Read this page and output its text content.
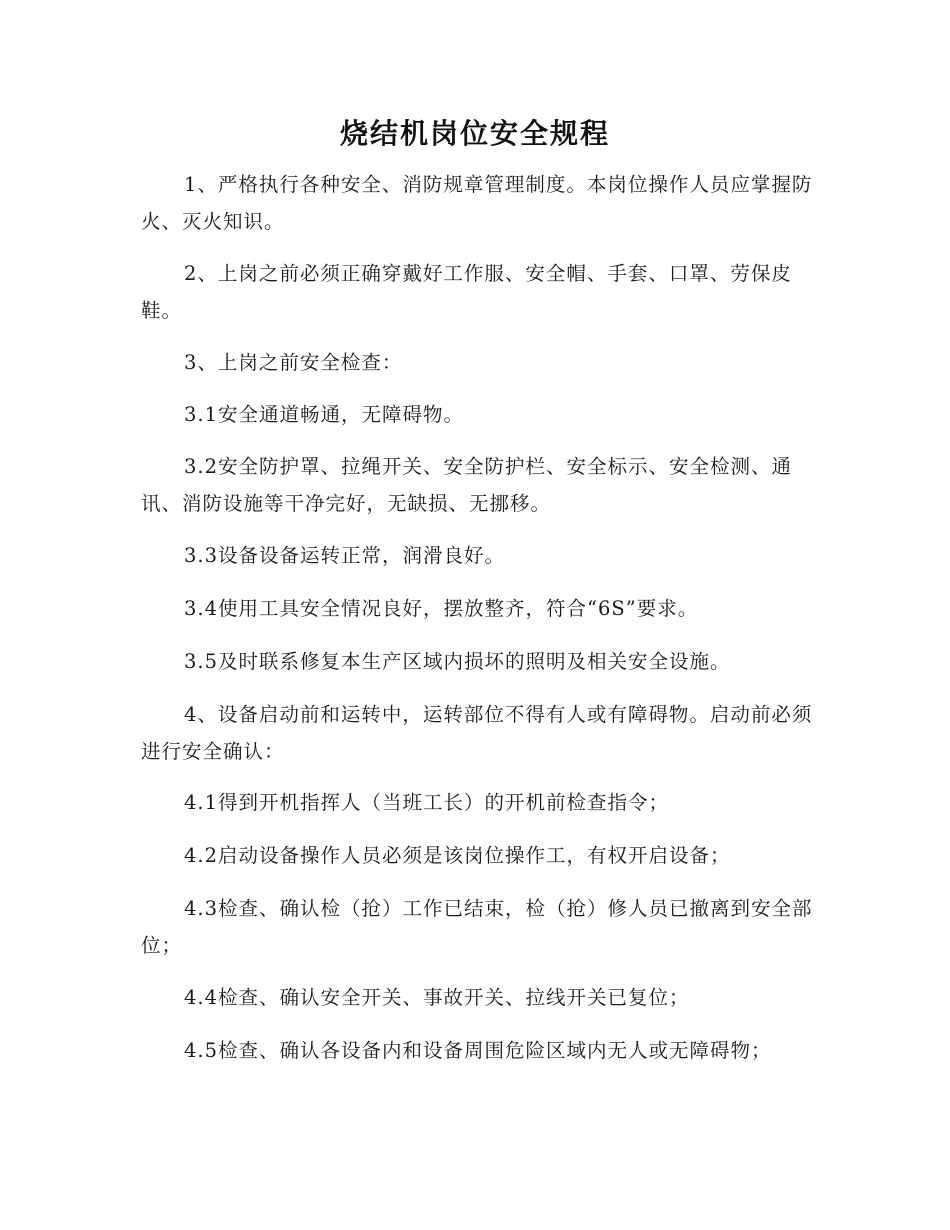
烧结机岗位安全规程
1、严格执行各种安全、消防规章管理制度。本岗位操作人员应掌握防火、灭火知识。
2、上岗之前必须正确穿戴好工作服、安全帽、手套、口罩、劳保皮鞋。
3、上岗之前安全检查：
3.1安全通道畅通，无障碍物。
3.2安全防护罩、拉绳开关、安全防护栏、安全标示、安全检测、通讯、消防设施等干净完好，无缺损、无挪移。
3.3设备设备运转正常，润滑良好。
3.4使用工具安全情况良好，摆放整齐，符合“6S”要求。
3.5及时联系修复本生产区域内损坏的照明及相关安全设施。
4、设备启动前和运转中，运转部位不得有人或有障碍物。启动前必须进行安全确认：
4.1得到开机指挥人（当班工长）的开机前检查指令；
4.2启动设备操作人员必须是该岗位操作工，有权开启设备；
4.3检查、确认检（抢）工作已结束，检（抢）修人员已撤离到安全部位；
4.4检查、确认安全开关、事故开关、拉线开关已复位；
4.5检查、确认各设备内和设备周围危险区域内无人或无障碍物；
